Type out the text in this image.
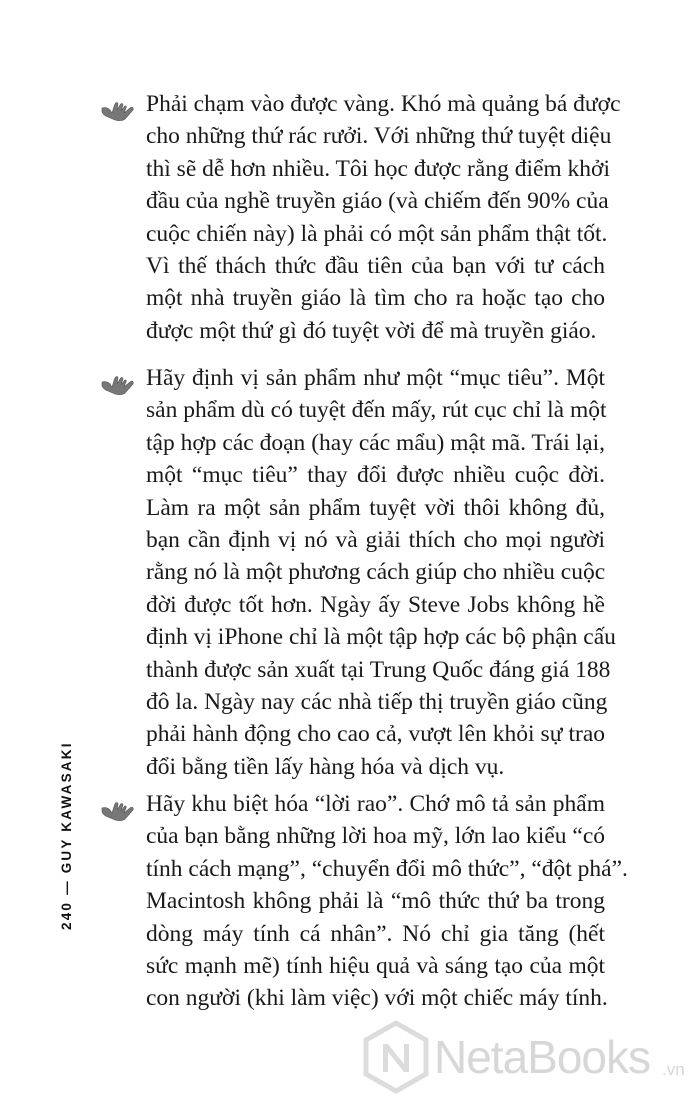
Phải chạm vào được vàng. Khó mà quảng bá được
cho những thứ rác rưởi. Với những thứ tuyệt diệu
thì sẽ dễ hơn nhiều. Tôi học được rằng điểm khởi
đầu của nghề truyền giáo (và chiếm đến 90% của
cuộc chiến này) là phải có một sản phẩm thật tốt.
Vì thế thách thức đầu tiên của bạn với tư cách
một nhà truyền giáo là tìm cho ra hoặc tạo cho
được một thứ gì đó tuyệt vời để mà truyền giáo.
Hãy định vị sản phẩm như một “mục tiêu”. Một
sản phẩm dù có tuyệt đến mấy, rút cục chỉ là một
tập hợp các đoạn (hay các mẩu) mật mã. Trái lại,
một “mục tiêu” thay đổi được nhiều cuộc đời.
Làm ra một sản phẩm tuyệt vời thôi không đủ,
bạn cần định vị nó và giải thích cho mọi người
rằng nó là một phương cách giúp cho nhiều cuộc
đời được tốt hơn. Ngày ấy Steve Jobs không hề
định vị iPhone chỉ là một tập hợp các bộ phận cấu
thành được sản xuất tại Trung Quốc đáng giá 188
đô la. Ngày nay các nhà tiếp thị truyền giáo cũng
phải hành động cho cao cả, vượt lên khỏi sự trao
đổi bằng tiền lấy hàng hóa và dịch vụ.
Hãy khu biệt hóa “lời rao”. Chớ mô tả sản phẩm
của bạn bằng những lời hoa mỹ, lớn lao kiểu “có
tính cách mạng”, “chuyển đổi mô thức”, “đột phá”.
Macintosh không phải là “mô thức thứ ba trong
dòng máy tính cá nhân”. Nó chỉ gia tăng (hết
sức mạnh mẽ) tính hiệu quả và sáng tạo của một
con người (khi làm việc) với một chiếc máy tính.
240 — GUY KAWASAKI
NetaBooks .vn
